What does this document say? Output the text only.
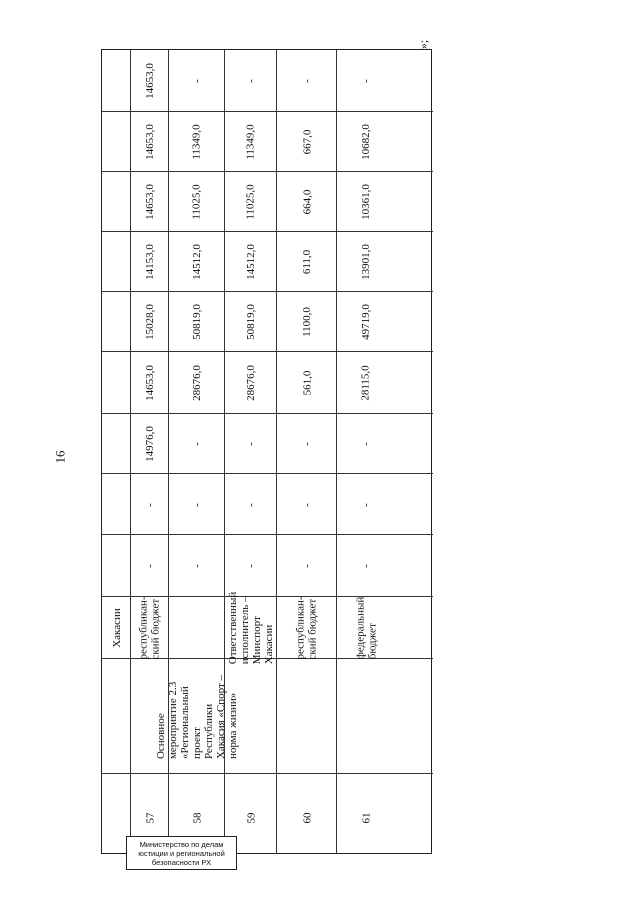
16
Хакасии
-
-
14976,0
14653,0
15028,0
14153,0
14653,0
14653,0
14653,0
республикан- ский бюджет
57
-
-
-
28676,0
50819,0
14512,0
11025,0
11349,0
-
Основное мероприятие 2.3 «Региональный проект Республики Хакасия «Спорт – норма жизни»
58
-
-
-
28676,0
50819,0
14512,0
11025,0
11349,0
-
Ответственный исполнитель – Минспорт Хакасии
59
-
-
-
561,0
1100,0
611,0
664,0
667,0
-
республикан- ский бюджет
60
-
-
-
28115,0
49719,0
13901,0
10361,0
10682,0
-
федеральный бюджет
61
»;
Министерство по делам
юстиции и региональной
безопасности РХ
